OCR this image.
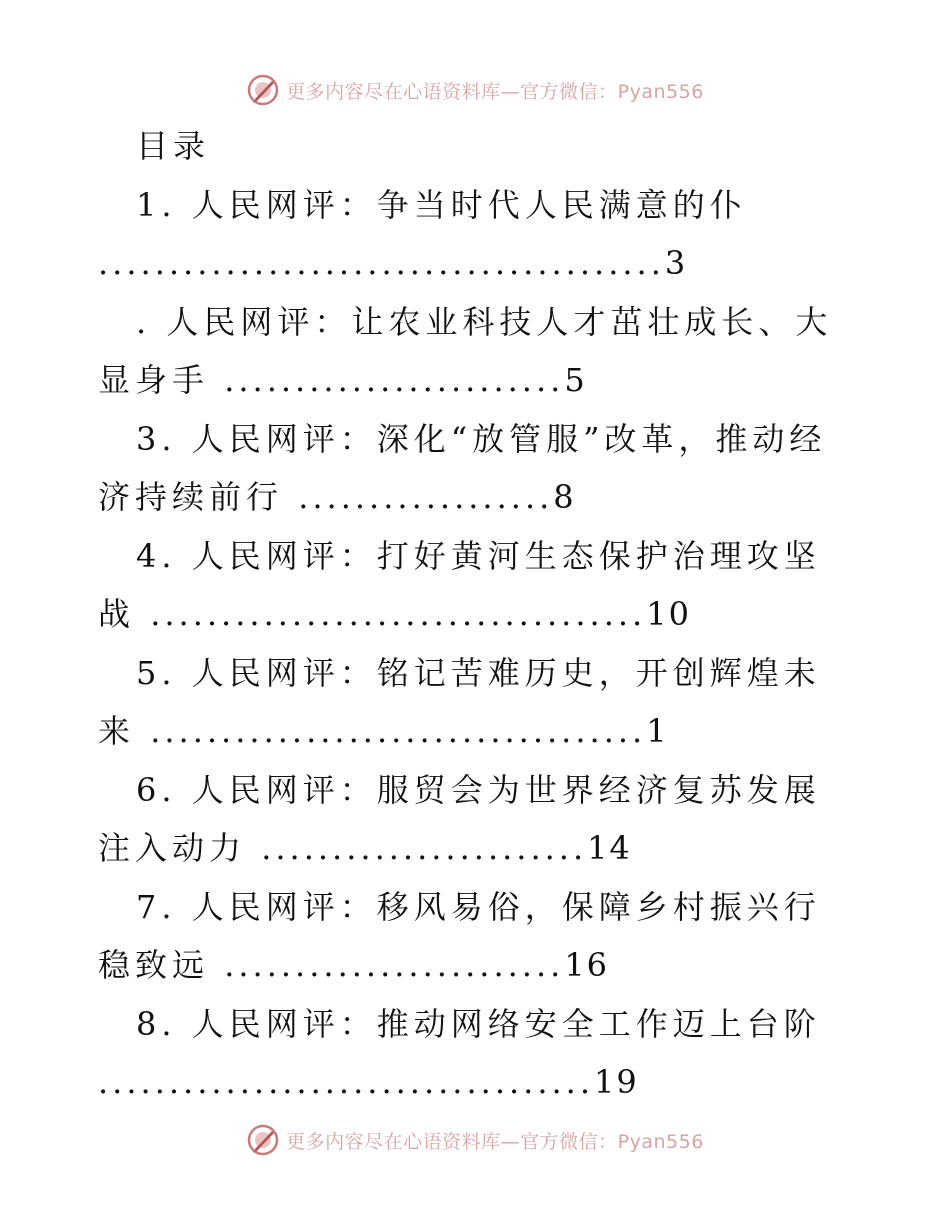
更多内容尽在心语资料库—官方微信：Pyan556
目录
1. 人民网评：争当时代人民满意的仆 ........................................3
. 人民网评：让农业科技人才茁壮成长、大显身手 ........................5
3. 人民网评：深化“放管服”改革，推动经济持续前行 ..................8
4. 人民网评：打好黄河生态保护治理攻坚战 ...................................10
5. 人民网评：铭记苦难历史，开创辉煌未来 ...................................1
6. 人民网评：服贸会为世界经济复苏发展注入动力 .......................14
7. 人民网评：移风易俗，保障乡村振兴行稳致远 ........................16
8. 人民网评：推动网络安全工作迈上台阶 ...................................19
更多内容尽在心语资料库—官方微信：Pyan556
